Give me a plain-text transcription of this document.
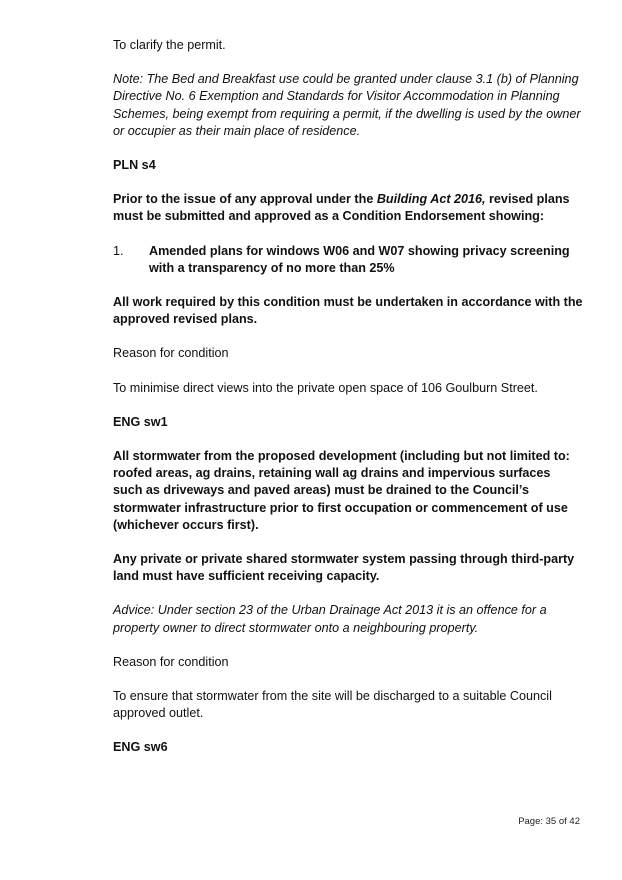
To clarify the permit.

Note: The Bed and Breakfast use could be granted under clause 3.1 (b) of Planning Directive No. 6 Exemption and Standards for Visitor Accommodation in Planning Schemes, being exempt from requiring a permit, if the dwelling is used by the owner or occupier as their main place of residence.

PLN s4

Prior to the issue of any approval under the Building Act 2016, revised plans must be submitted and approved as a Condition Endorsement showing:

1.	Amended plans for windows W06 and W07 showing privacy screening with a transparency of no more than 25%

All work required by this condition must be undertaken in accordance with the approved revised plans.

Reason for condition

To minimise direct views into the private open space of 106 Goulburn Street.

ENG sw1

All stormwater from the proposed development (including but not limited to: roofed areas, ag drains, retaining wall ag drains and impervious surfaces such as driveways and paved areas) must be drained to the Council’s stormwater infrastructure prior to first occupation or commencement of use (whichever occurs first).

Any private or private shared stormwater system passing through third-party land must have sufficient receiving capacity.

Advice: Under section 23 of the Urban Drainage Act 2013 it is an offence for a property owner to direct stormwater onto a neighbouring property.

Reason for condition

To ensure that stormwater from the site will be discharged to a suitable Council approved outlet.

ENG sw6

Page: 35 of 42
